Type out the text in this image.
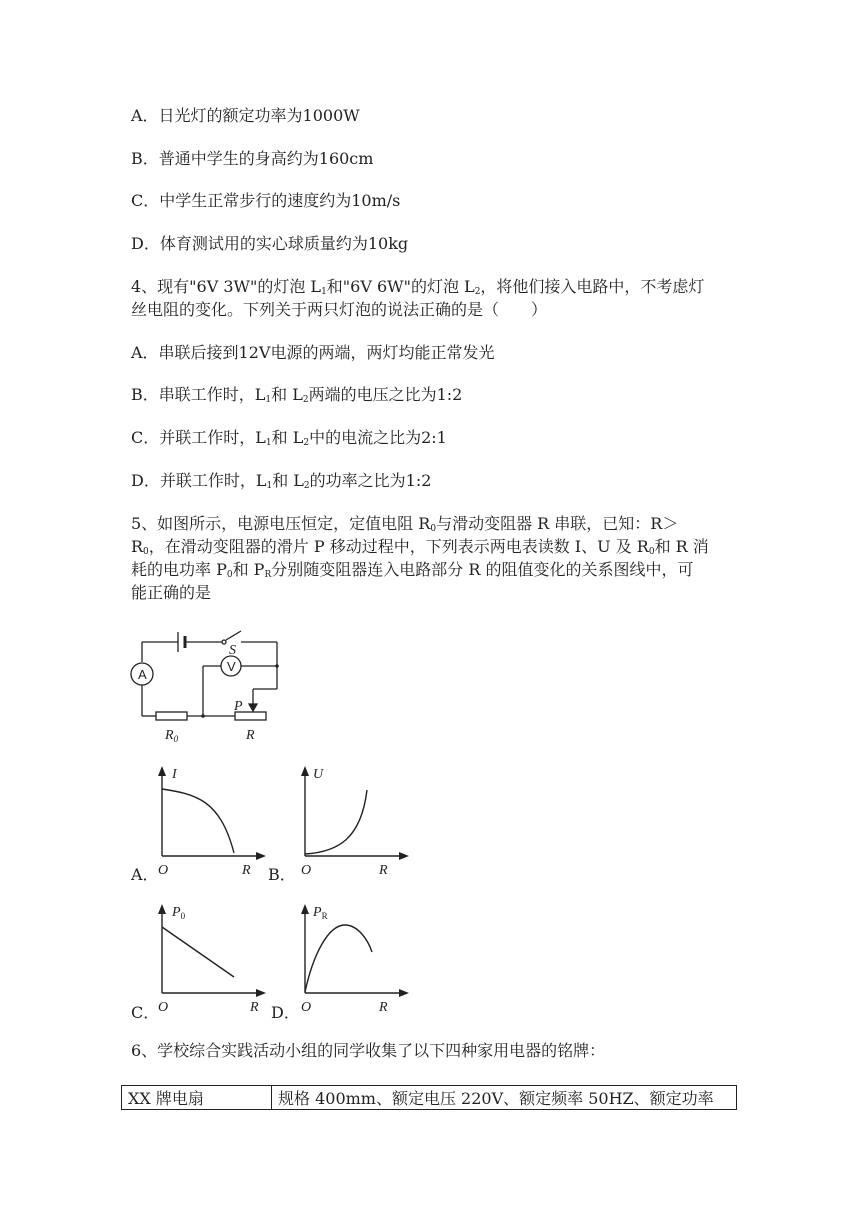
A．日光灯的额定功率为1000W
B．普通中学生的身高约为160cm
C．中学生正常步行的速度约为10m/s
D．体育测试用的实心球质量约为10kg
4、现有"6V 3W"的灯泡 $L_1$和"6V 6W"的灯泡 $L_2$，将他们接入电路中，不考虑灯
丝电阻的变化。下列关于两只灯泡的说法正确的是（　　）
A．串联后接到12V电源的两端，两灯均能正常发光
B．串联工作时，$L_1$和 $L_2$两端的电压之比为1:2
C．并联工作时，$L_1$和 $L_2$中的电流之比为2:1
D．并联工作时，$L_1$和 $L_2$的功率之比为1:2
5、如图所示，电源电压恒定，定值电阻 $R_0$与滑动变阻器 R 串联，已知：R＞
$R_0$，在滑动变阻器的滑片 P 移动过程中，下列表示两电表读数 I、U 及 $R_0$和 R 消
耗的电功率 $P_0$和 $P_R$分别随变阻器连入电路部分 R 的阻值变化的关系图线中，可
能正确的是
A
V
S
P
$R_0$	R
A．
I
O	R B．
U
O	R
C．
$P_0$
O	R D．
$P_R$
O	R
6、学校综合实践活动小组的同学收集了以下四种家用电器的铭牌：
XX 牌电扇	规格 400mm、额定电压 220V、额定频率 50HZ、额定功率
